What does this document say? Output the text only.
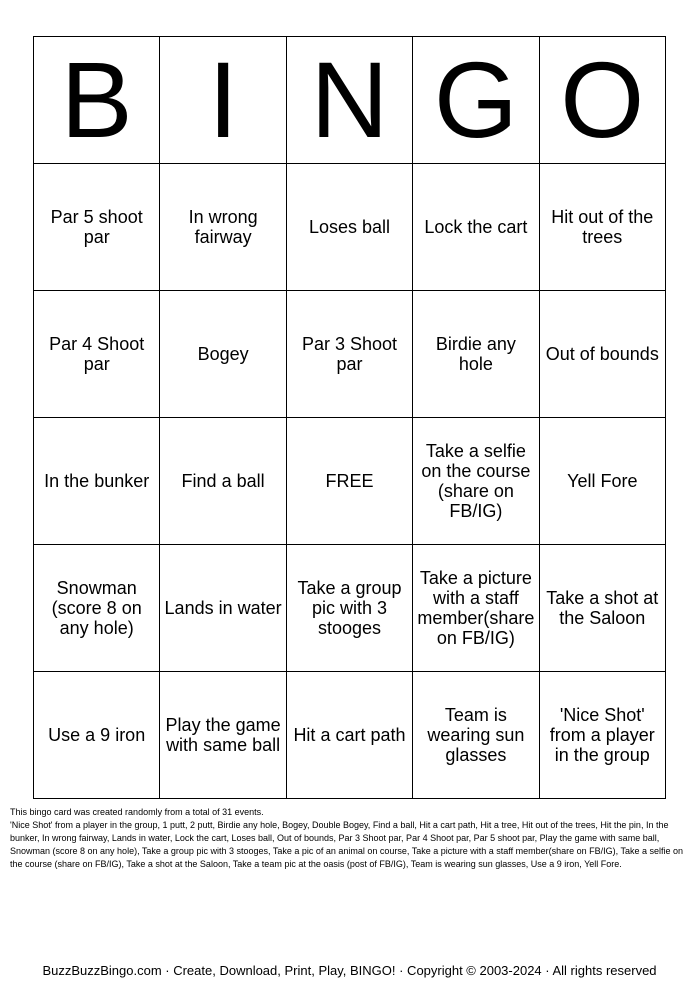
B	I	N	G	O
Par 5 shoot par	In wrong fairway	Loses ball	Lock the cart	Hit out of the trees
Par 4 Shoot par	Bogey	Par 3 Shoot par	Birdie any hole	Out of bounds
In the bunker	Find a ball	FREE	Take a selfie on the course (share on FB/IG)	Yell Fore
Snowman (score 8 on any hole)	Lands in water	Take a group pic with 3 stooges	Take a picture with a staff member(share on FB/IG)	Take a shot at the Saloon
Use a 9 iron	Play the game with same ball	Hit a cart path	Team is wearing sun glasses	'Nice Shot' from a player in the group

This bingo card was created randomly from a total of 31 events.

'Nice Shot' from a player in the group, 1 putt, 2 putt, Birdie any hole, Bogey, Double Bogey, Find a ball, Hit a cart path, Hit a tree, Hit out of the trees, Hit the pin, In the bunker, In wrong fairway, Lands in water, Lock the cart, Loses ball, Out of bounds, Par 3 Shoot par, Par 4 Shoot par, Par 5 shoot par, Play the game with same ball, Snowman (score 8 on any hole), Take a group pic with 3 stooges, Take a pic of an animal on course, Take a picture with a staff member(share on FB/IG), Take a selfie on the course (share on FB/IG), Take a shot at the Saloon, Take a team pic at the oasis (post of FB/IG), Team is wearing sun glasses, Use a 9 iron, Yell Fore.

BuzzBuzzBingo.com · Create, Download, Print, Play, BINGO! · Copyright © 2003-2024 · All rights reserved
